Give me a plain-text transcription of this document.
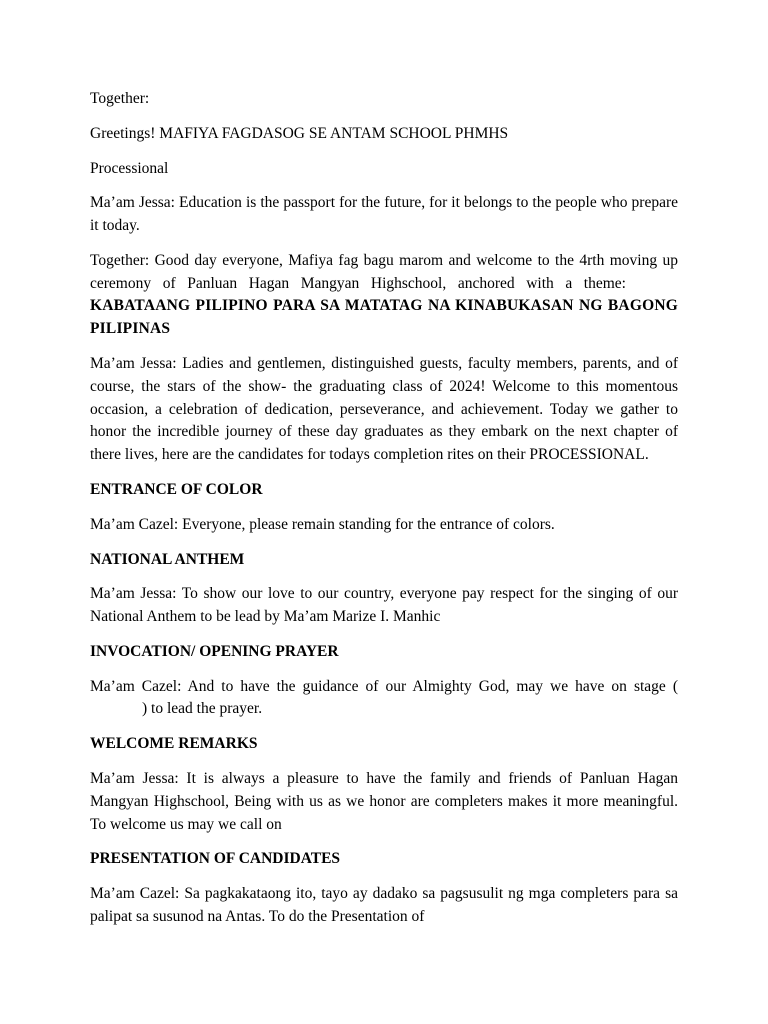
Together:

Greetings! MAFIYA FAGDASOG SE ANTAM SCHOOL PHMHS

Processional

Ma’am Jessa: Education is the passport for the future, for it belongs to the people who prepare it today.

Together: Good day everyone, Mafiya fag bagu marom and welcome to the 4rth moving up ceremony of Panluan Hagan Mangyan Highschool, anchored with a theme:KABATAANG PILIPINO PARA SA MATATAG NA KINABUKASAN NG BAGONG PILIPINAS

Ma’am Jessa: Ladies and gentlemen, distinguished guests, faculty members, parents, and of course, the stars of the show- the graduating class of 2024! Welcome to this momentous occasion, a celebration of dedication, perseverance, and achievement. Today we gather to honor the incredible journey of these day graduates as they embark on the next chapter of there lives, here are the candidates for todays completion rites on their PROCESSIONAL.

ENTRANCE OF COLOR

Ma’am Cazel: Everyone, please remain standing for the entrance of colors.

NATIONAL ANTHEM

Ma’am Jessa: To show our love to our country, everyone pay respect for the singing of our National Anthem to be lead by Ma’am Marize I. Manhic

INVOCATION/ OPENING PRAYER

Ma’am Cazel: And to have the guidance of our Almighty God, may we have on stage () to lead the prayer.

WELCOME REMARKS

Ma’am Jessa: It is always a pleasure to have the family and friends of Panluan Hagan Mangyan Highschool, Being with us as we honor are completers makes it more meaningful. To welcome us may we call on

PRESENTATION OF CANDIDATES

Ma’am Cazel: Sa pagkakataong ito, tayo ay dadako sa pagsusulit ng mga completers para sa palipat sa susunod na Antas. To do the Presentation of
